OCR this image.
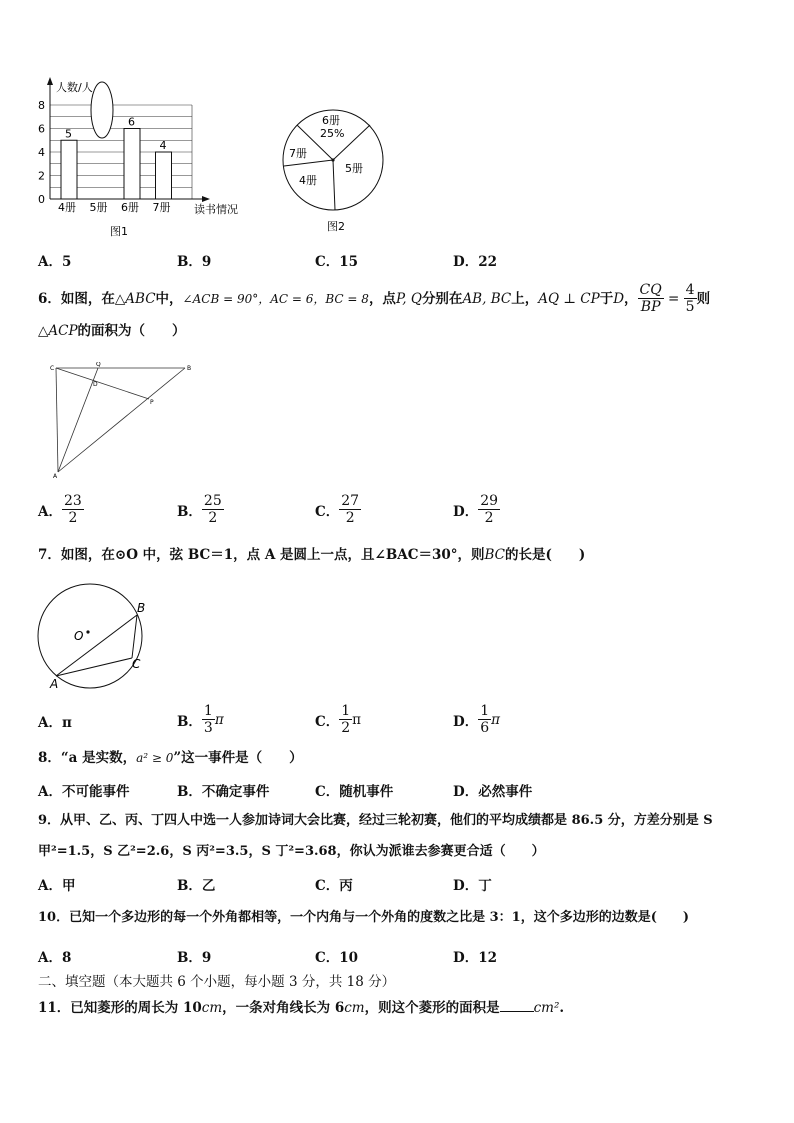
人数/人
读书情况
0
2
4
6
8
5
4册 5册
6
6册
4
7册
图1
6册
25%
5册
4册
7册
图2
A．5	B．9	C．15	D．22
6．如图，在 △ABC 中， ∠ACB = 90°，AC = 6，BC = 8 ，点 P, Q 分别在 AB, BC 上， AQ ⊥ CP 于 D ， $\frac{CQ}{BP} = \frac{4}{5}$ 则
△ACP的面积为（　　）
C
Q
B
D
P
A
A． $\frac{23}{2}$	B． $\frac{25}{2}$	C． $\frac{27}{2}$	D． $\frac{29}{2}$
7．如图，在⊙O 中，弦 BC＝1，点 A 是圆上一点，且∠BAC＝30°，则BC的长是(　　)
O
B
C
A
A．π	B． $\frac{1}{3}$ π	C． $\frac{1}{2}$ π	D． $\frac{1}{6}$ π
8．“a 是实数，a² ≥ 0”这一事件是（　　）
A．不可能事件	B．不确定事件	C．随机事件	D．必然事件
9．从甲、乙、丙、丁四人中选一人参加诗词大会比赛，经过三轮初赛，他们的平均成绩都是 86.5 分，方差分别是 S
甲²=1.5，S 乙²=2.6，S 丙²=3.5，S 丁²=3.68，你认为派谁去参赛更合适（　　）
A．甲	B．乙	C．丙	D．丁
10．已知一个多边形的每一个外角都相等，一个内角与一个外角的度数之比是 3：1，这个多边形的边数是(　　)
A．8	B．9	C．10	D．12
二、填空题（本大题共 6 个小题，每小题 3 分，共 18 分）
11．已知菱形的周长为 10cm，一条对角线长为 6cm，则这个菱形的面积是	cm².
